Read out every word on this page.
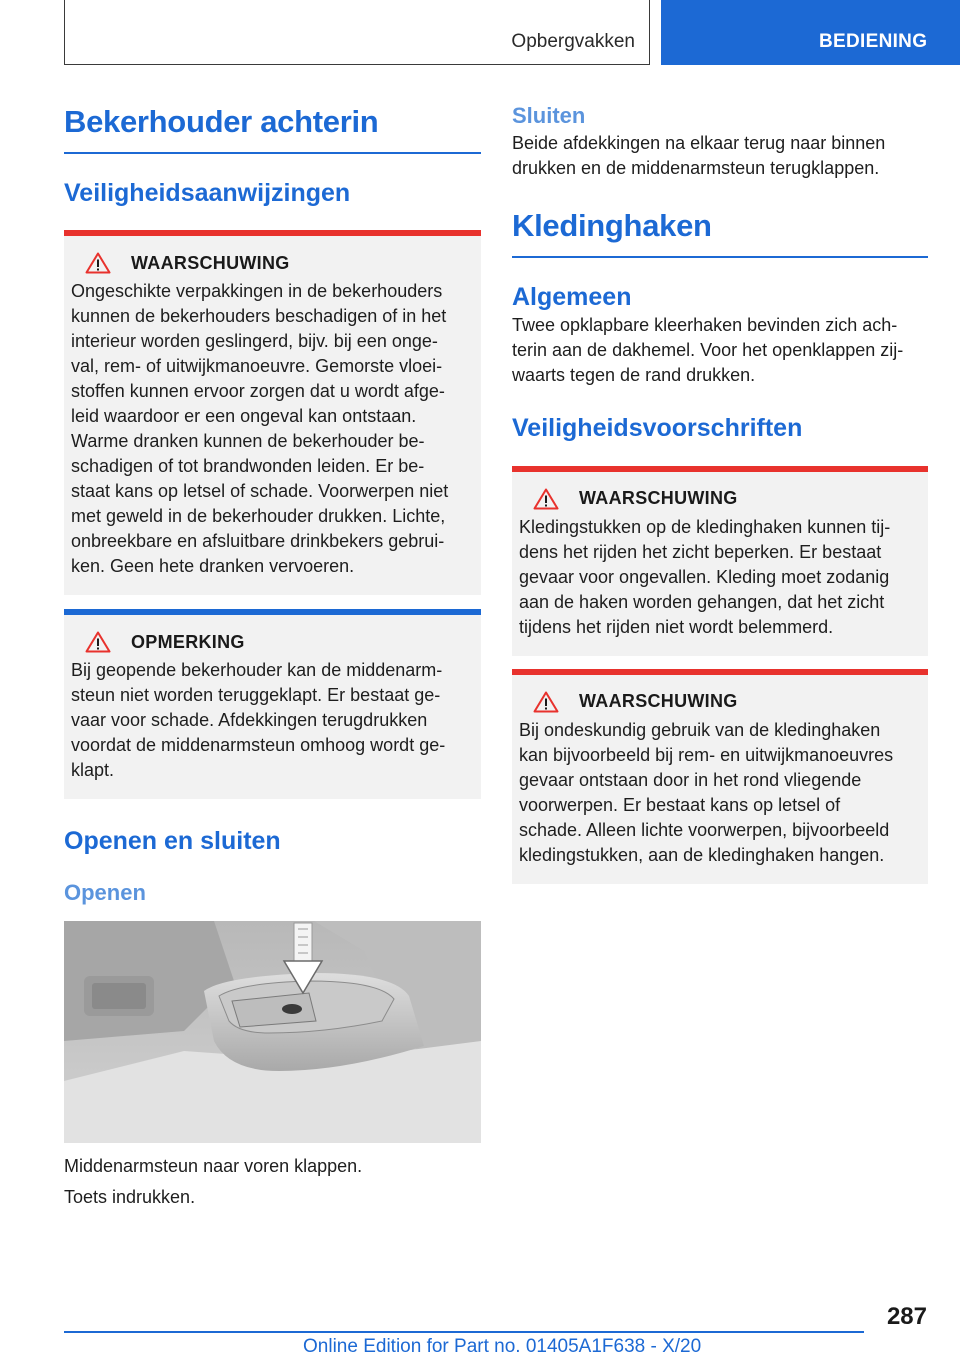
Opbergvakken	BEDIENING
Bekerhouder achterin
Veiligheidsaanwijzingen
WAARSCHUWING

Ongeschikte verpakkingen in de bekerhouders

kunnen de bekerhouders beschadigen of in het

interieur worden geslingerd, bijv. bij een onge-

val, rem- of uitwijkmanoeuvre. Gemorste vloei-

stoffen kunnen ervoor zorgen dat u wordt afge-

leid waardoor er een ongeval kan ontstaan.

Warme dranken kunnen de bekerhouder be-

schadigen of tot brandwonden leiden. Er be-

staat kans op letsel of schade. Voorwerpen niet

met geweld in de bekerhouder drukken. Lichte,

onbreekbare en afsluitbare drinkbekers gebrui-

ken. Geen hete dranken vervoeren.

OPMERKING

Bij geopende bekerhouder kan de middenarm-

steun niet worden teruggeklapt. Er bestaat ge-

vaar voor schade. Afdekkingen terugdrukken

voordat de middenarmsteun omhoog wordt ge-

klapt.

Openen en sluiten
Openen

Middenarmsteun naar voren klappen.

Toets indrukken.

Sluiten

Beide afdekkingen na elkaar terug naar binnen

drukken en de middenarmsteun terugklappen.

Kledinghaken
Algemeen

Twee opklapbare kleerhaken bevinden zich ach-

terin aan de dakhemel. Voor het openklappen zij-

waarts tegen de rand drukken.

Veiligheidsvoorschriften
WAARSCHUWING

Kledingstukken op de kledinghaken kunnen tij-

dens het rijden het zicht beperken. Er bestaat

gevaar voor ongevallen. Kleding moet zodanig

aan de haken worden gehangen, dat het zicht

tijdens het rijden niet wordt belemmerd.

WAARSCHUWING

Bij ondeskundig gebruik van de kledinghaken

kan bijvoorbeeld bij rem- en uitwijkmanoeuvres

gevaar ontstaan door in het rond vliegende

voorwerpen. Er bestaat kans op letsel of

schade. Alleen lichte voorwerpen, bijvoorbeeld

kledingstukken, aan de kledinghaken hangen.

287
Online Edition for Part no. 01405A1F638 - X/20
